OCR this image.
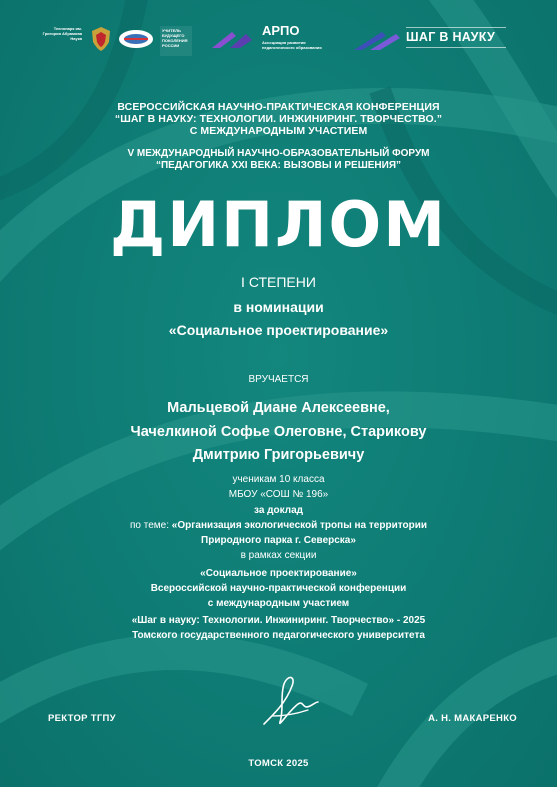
Технопарк им. Григория Абрамова Наука
УЧИТЕЛЬ БУДУЩЕГО ПОКОЛЕНИЯ РОССИИ
АРПО
Ассоциация развития педагогического образования
ШАГ В НАУКУ
ВСЕРОССИЙСКАЯ НАУЧНО-ПРАКТИЧЕСКАЯ КОНФЕРЕНЦИЯ
“ШАГ В НАУКУ: ТЕХНОЛОГИИ. ИНЖИНИРИНГ. ТВОРЧЕСТВО.”
С МЕЖДУНАРОДНЫМ УЧАСТИЕМ
V МЕЖДУНАРОДНЫЙ НАУЧНО-ОБРАЗОВАТЕЛЬНЫЙ ФОРУМ
“ПЕДАГОГИКА XXI ВЕКА: ВЫЗОВЫ И РЕШЕНИЯ”
ДИПЛОМ
I СТЕПЕНИ
в номинации
«Социальное проектирование»
ВРУЧАЕТСЯ
Мальцевой Диане Алексеевне,
Чачелкиной Софье Олеговне, Старикову
Дмитрию Григорьевичу
ученикам 10 класса
МБОУ «СОШ № 196»
за доклад
по теме: «Организация экологической тропы на территории
Природного парка г. Северска»
в рамках секции
«Социальное проектирование»
Всероссийской научно-практической конференции
с международным участием
«Шаг в науку: Технологии. Инжиниринг. Творчество» - 2025
Томского государственного педагогического университета
РЕКТОР ТГПУ	А. Н. МАКАРЕНКО
ТОМСК 2025
